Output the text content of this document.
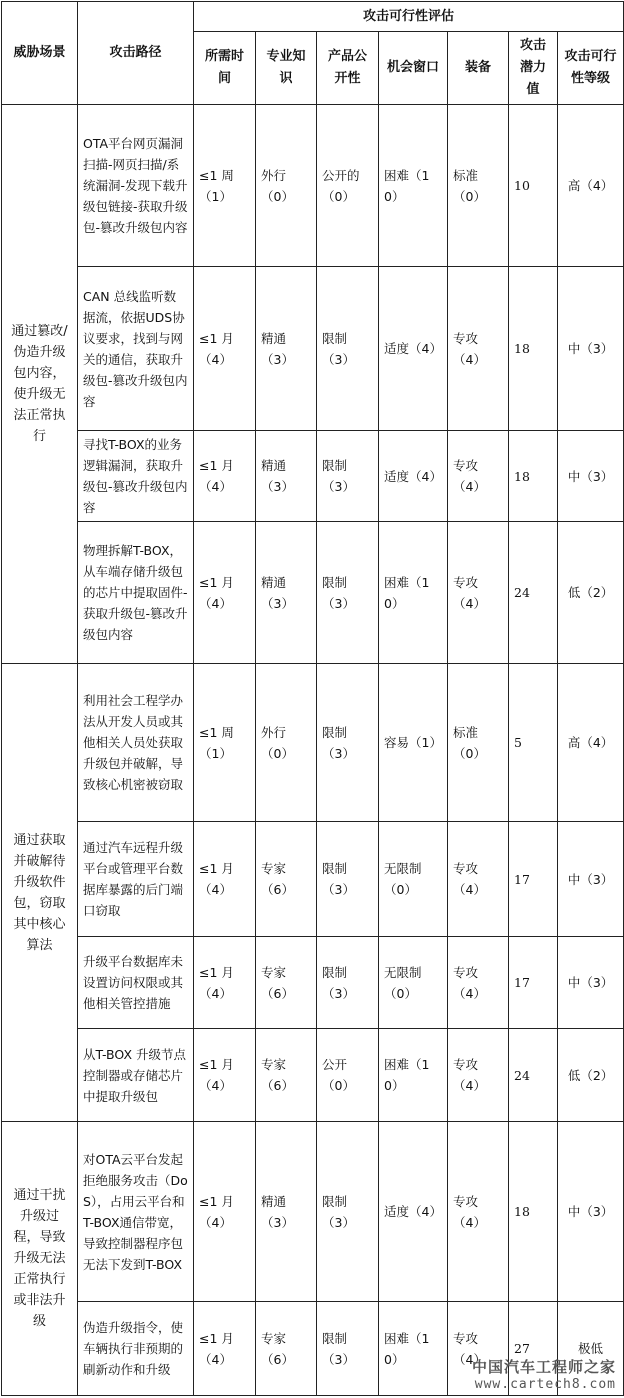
威胁场景	攻击路径	攻击可行性评估						
		所需时间	专业知识	产品公开性	机会窗口	装备	攻击潜力值	攻击可行性等级
通过篡改/伪造升级包内容，使升级无法正常执行	OTA平台网页漏洞扫描-网页扫描/系统漏洞-发现下载升级包链接-获取升级包-篡改升级包内容	≤1 周（1）	外行（0）	公开的（0）	困难（10）	标准（0）	10	高（4）
	CAN 总线监听数据流，依据UDS协议要求，找到与网关的通信，获取升级包-篡改升级包内容	≤1 月（4）	精通（3）	限制（3）	适度（4）	专攻（4）	18	中（3）
	寻找T-BOX的业务逻辑漏洞，获取升级包-篡改升级包内容	≤1 月（4）	精通（3）	限制（3）	适度（4）	专攻（4）	18	中（3）
	物理拆解T-BOX，从车端存储升级包的芯片中提取固件-获取升级包-篡改升级包内容	≤1 月（4）	精通（3）	限制（3）	困难（10）	专攻（4）	24	低（2）
通过获取并破解待升级软件包，窃取其中核心算法	利用社会工程学办法从开发人员或其他相关人员处获取升级包并破解，导致核心机密被窃取	≤1 周（1）	外行（0）	限制（3）	容易（1）	标准（0）	5	高（4）
	通过汽车远程升级平台或管理平台数据库暴露的后门端口窃取	≤1 月（4）	专家（6）	限制（3）	无限制（0）	专攻（4）	17	中（3）
	升级平台数据库未设置访问权限或其他相关管控措施	≤1 月（4）	专家（6）	限制（3）	无限制（0）	专攻（4）	17	中（3）
	从T-BOX 升级节点控制器或存储芯片中提取升级包	≤1 月（4）	专家（6）	公开（0）	困难（10）	专攻（4）	24	低（2）
通过干扰升级过程，导致升级无法正常执行或非法升级	对OTA云平台发起拒绝服务攻击（DoS），占用云平台和T-BOX通信带宽，导致控制器程序包无法下发到T-BOX	≤1 月（4）	精通（3）	限制（3）	适度（4）	专攻（4）	18	中（3）
	伪造升级指令，使车辆执行非预期的刷新动作和升级	≤1 月（4）	专家（6）	限制（3）	困难（10）	专攻（4）	27	极低
中国汽车工程师之家
www.cartech8.com
